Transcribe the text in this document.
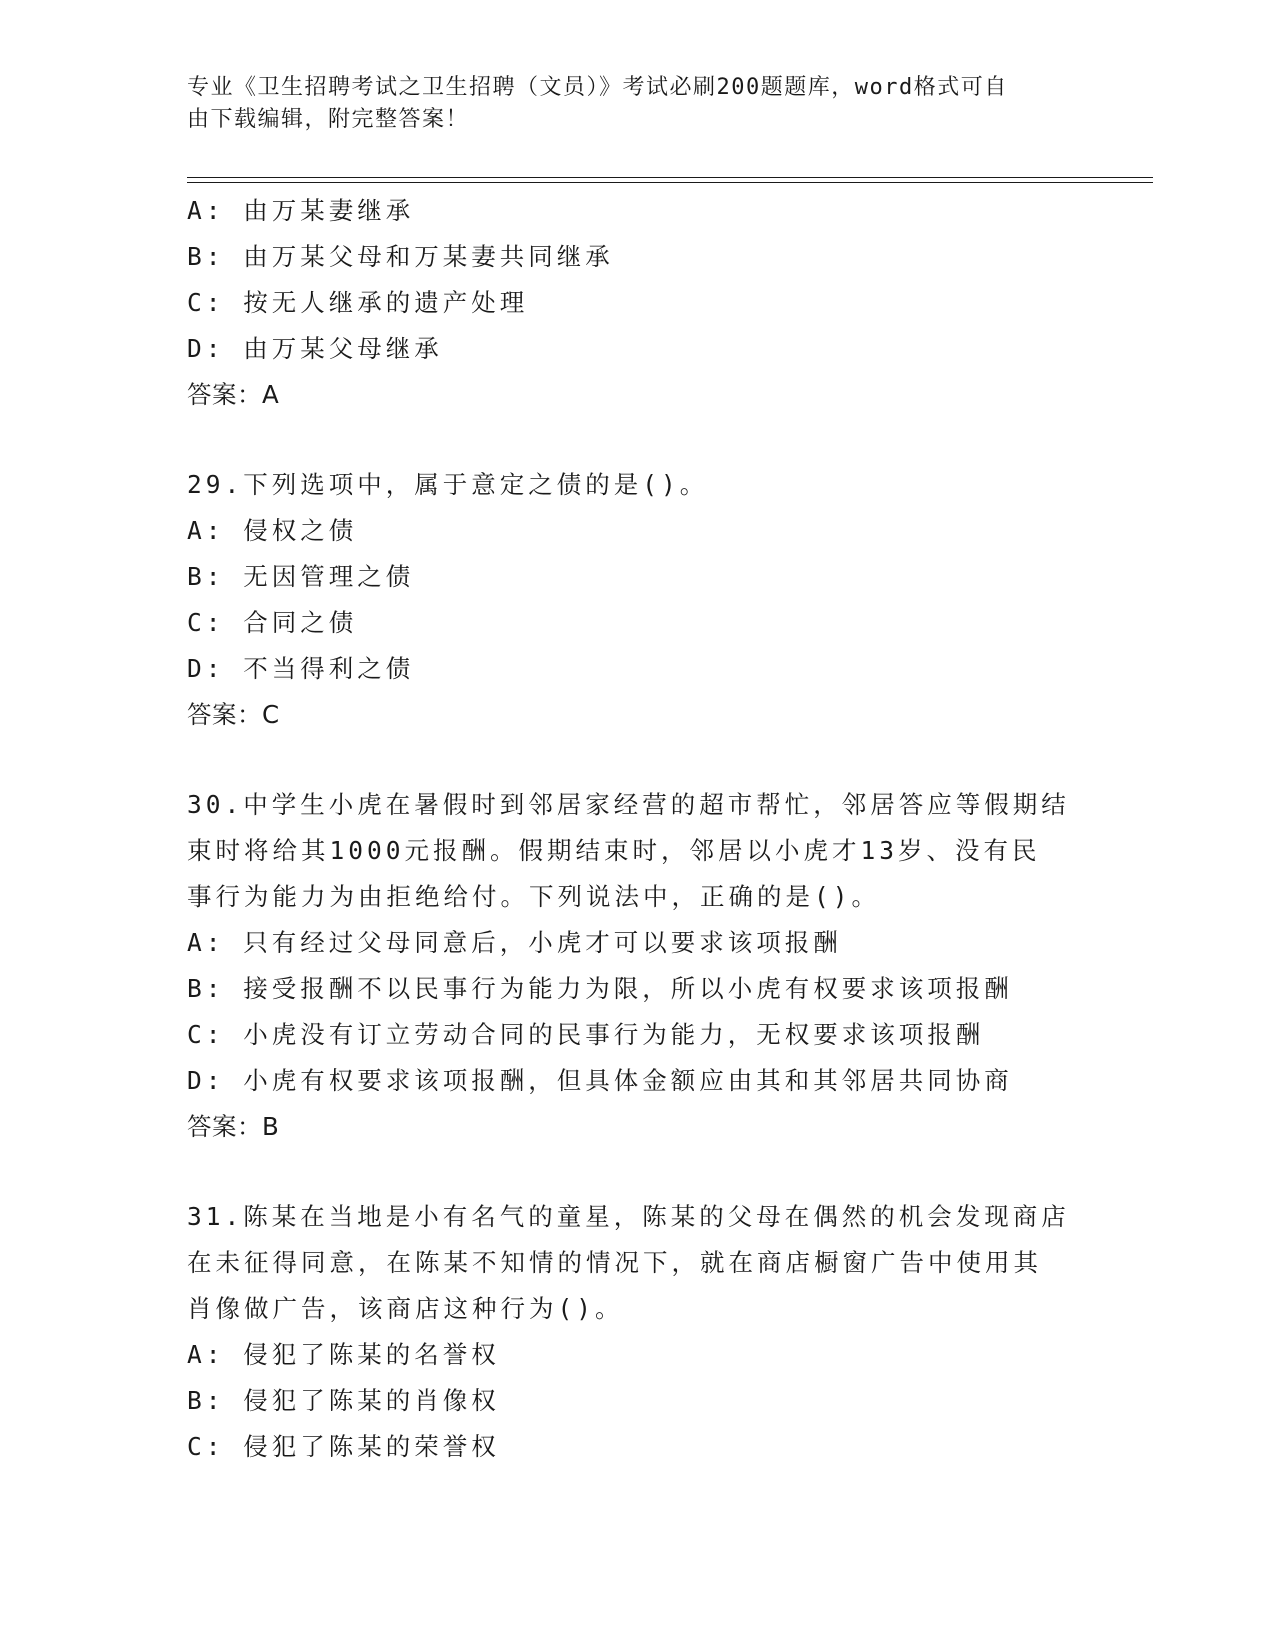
专业《卫生招聘考试之卫生招聘（文员）》考试必刷200题题库，word格式可自
由下载编辑，附完整答案！
A: 由万某妻继承
B: 由万某父母和万某妻共同继承
C: 按无人继承的遗产处理
D: 由万某父母继承
答案：A
29.下列选项中，属于意定之债的是()。
A: 侵权之债
B: 无因管理之债
C: 合同之债
D: 不当得利之债
答案：C
30.中学生小虎在暑假时到邻居家经营的超市帮忙，邻居答应等假期结
束时将给其1000元报酬。假期结束时，邻居以小虎才13岁、没有民
事行为能力为由拒绝给付。下列说法中，正确的是()。
A: 只有经过父母同意后，小虎才可以要求该项报酬
B: 接受报酬不以民事行为能力为限，所以小虎有权要求该项报酬
C: 小虎没有订立劳动合同的民事行为能力，无权要求该项报酬
D: 小虎有权要求该项报酬，但具体金额应由其和其邻居共同协商
答案：B
31.陈某在当地是小有名气的童星，陈某的父母在偶然的机会发现商店
在未征得同意，在陈某不知情的情况下，就在商店橱窗广告中使用其
肖像做广告，该商店这种行为()。
A: 侵犯了陈某的名誉权
B: 侵犯了陈某的肖像权
C: 侵犯了陈某的荣誉权
